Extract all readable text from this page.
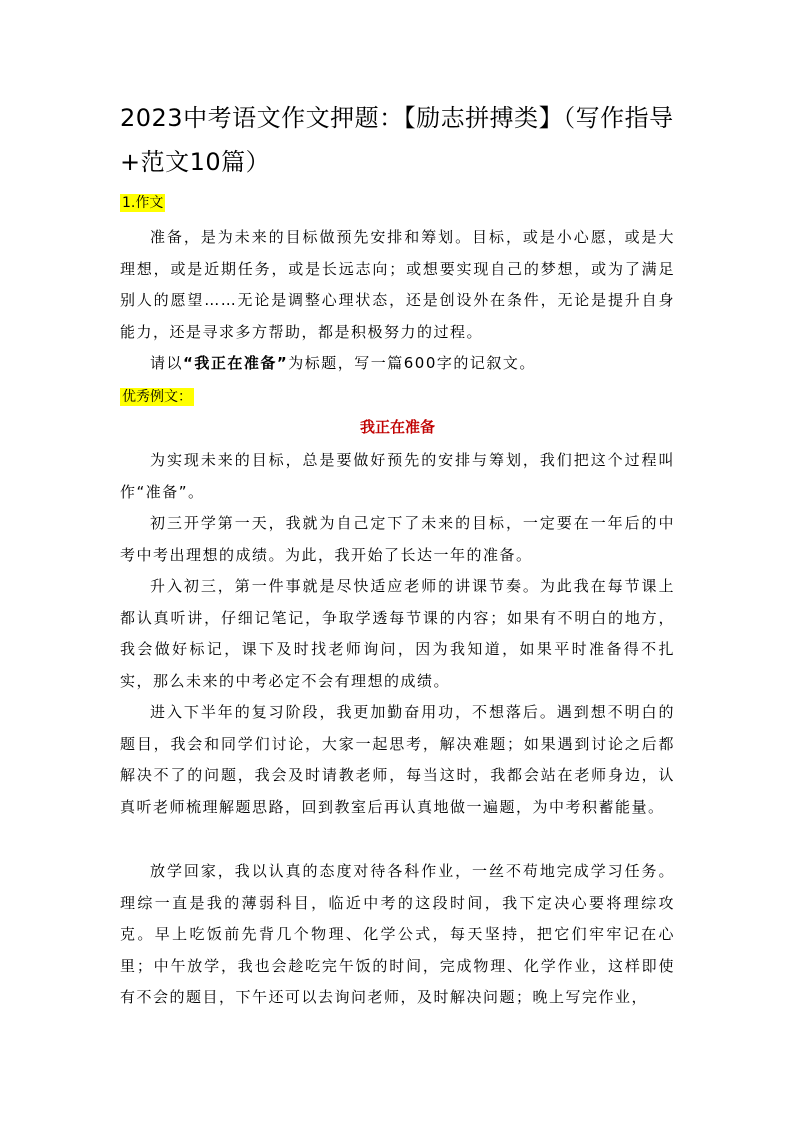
2023中考语文作文押题：【励志拼搏类】（写作指导+范文10篇）
1.作文

准备，是为未来的目标做预先安排和筹划。目标，或是小心愿，或是大理想，或是近期任务，或是长远志向；或想要实现自己的梦想，或为了满足别人的愿望……无论是调整心理状态，还是创设外在条件，无论是提升自身能力，还是寻求多方帮助，都是积极努力的过程。

请以“我正在准备”为标题，写一篇600字的记叙文。

优秀例文：
我正在准备

为实现未来的目标，总是要做好预先的安排与筹划，我们把这个过程叫作“准备”。

初三开学第一天，我就为自己定下了未来的目标，一定要在一年后的中考中考出理想的成绩。为此，我开始了长达一年的准备。

升入初三，第一件事就是尽快适应老师的讲课节奏。为此我在每节课上都认真听讲，仔细记笔记，争取学透每节课的内容；如果有不明白的地方，我会做好标记，课下及时找老师询问，因为我知道，如果平时准备得不扎实，那么未来的中考必定不会有理想的成绩。

进入下半年的复习阶段，我更加勤奋用功，不想落后。遇到想不明白的题目，我会和同学们讨论，大家一起思考，解决难题；如果遇到讨论之后都解决不了的问题，我会及时请教老师，每当这时，我都会站在老师身边，认真听老师梳理解题思路，回到教室后再认真地做一遍题，为中考积蓄能量。

放学回家，我以认真的态度对待各科作业，一丝不苟地完成学习任务。理综一直是我的薄弱科目，临近中考的这段时间，我下定决心要将理综攻克。早上吃饭前先背几个物理、化学公式，每天坚持，把它们牢牢记在心里；中午放学，我也会趁吃完午饭的时间，完成物理、化学作业，这样即使有不会的题目，下午还可以去询问老师，及时解决问题；晚上写完作业，
